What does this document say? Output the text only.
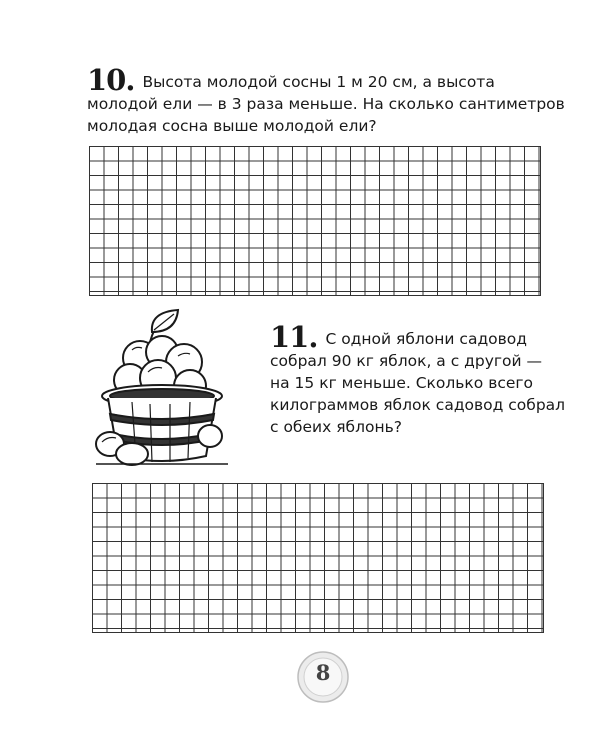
10. Высота молодой сосны 1 м 20 см, а высота
молодой ели — в 3 раза меньше. На сколько сантиметров
молодая сосна выше молодой ели?
11. С одной яблони садовод
собрал 90 кг яблок, а с другой —
на 15 кг меньше. Сколько всего
килограммов яблок садовод собрал
с обеих яблонь?
8
